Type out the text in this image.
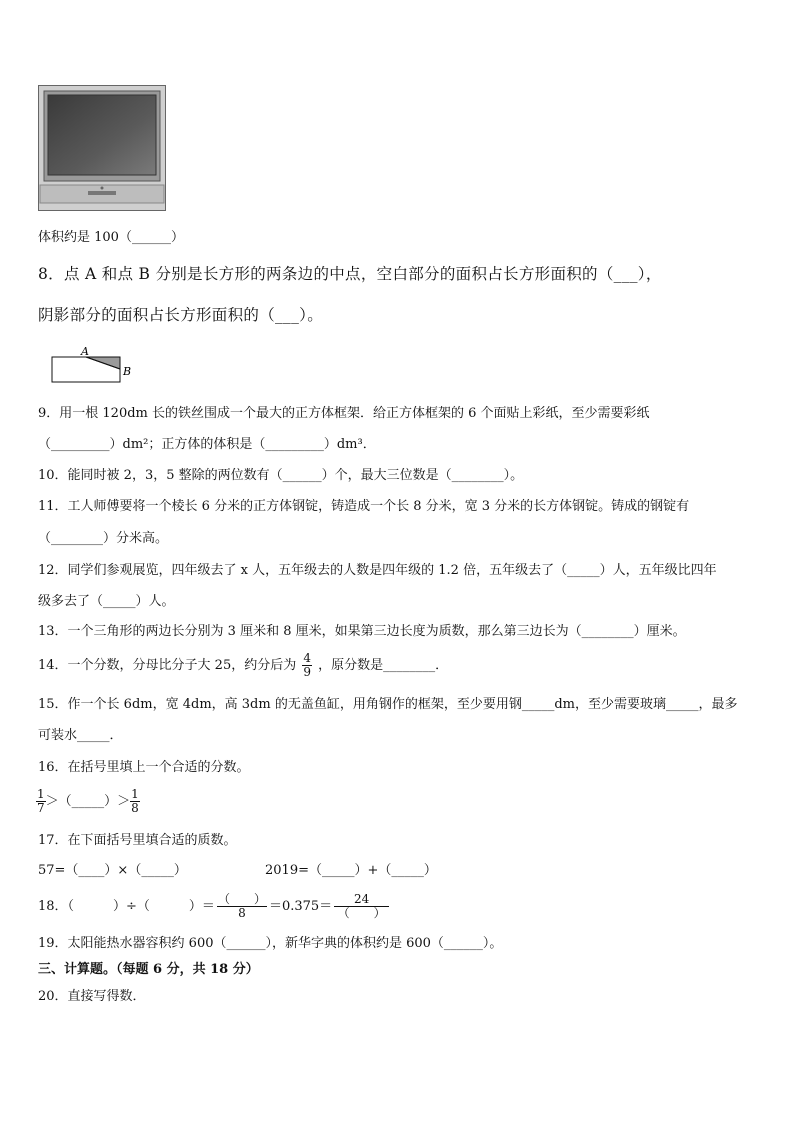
体积约是 100（______）
8．点 A 和点 B 分别是长方形的两条边的中点，空白部分的面积占长方形面积的（___），
阴影部分的面积占长方形面积的（___）。
A
B
9．用一根 120dm 长的铁丝围成一个最大的正方体框架．给正方体框架的 6 个面贴上彩纸，至少需要彩纸
（_________）dm²；正方体的体积是（_________）dm³．
10．能同时被 2，3，5 整除的两位数有（______）个，最大三位数是（________）。
11．工人师傅要将一个棱长 6 分米的正方体钢锭，铸造成一个长 8 分米，宽 3 分米的长方体钢锭。铸成的钢锭有
（________）分米高。
12．同学们参观展览，四年级去了 x 人，五年级去的人数是四年级的 1.2 倍，五年级去了（_____）人，五年级比四年
级多去了（_____）人。
13．一个三角形的两边长分别为 3 厘米和 8 厘米，如果第三边长度为质数，那么第三边长为（________）厘米。
14．一个分数，分母比分子大 25，约分后为 $\frac{4}{9}$ ，原分数是________．
15．作一个长 6dm，宽 4dm，高 3dm 的无盖鱼缸，用角钢作的框架，至少要用钢_____dm，至少需要玻璃_____，最多
可装水_____．
16．在括号里填上一个合适的分数。
$\frac{1}{7}$ ＞（_____）＞ $\frac{1}{8}$
17．在下面括号里填合适的质数。
57=（____）×（_____）	2019=（_____）+（_____）
18．（　　　）÷（　　　）＝ $\frac{( )}{8} =0.375= \frac{24}{( )}$
19．太阳能热水器容积约 600（______），新华字典的体积约是 600（______）。
三、计算题。（每题 6 分，共 18 分）
20．直接写得数．
